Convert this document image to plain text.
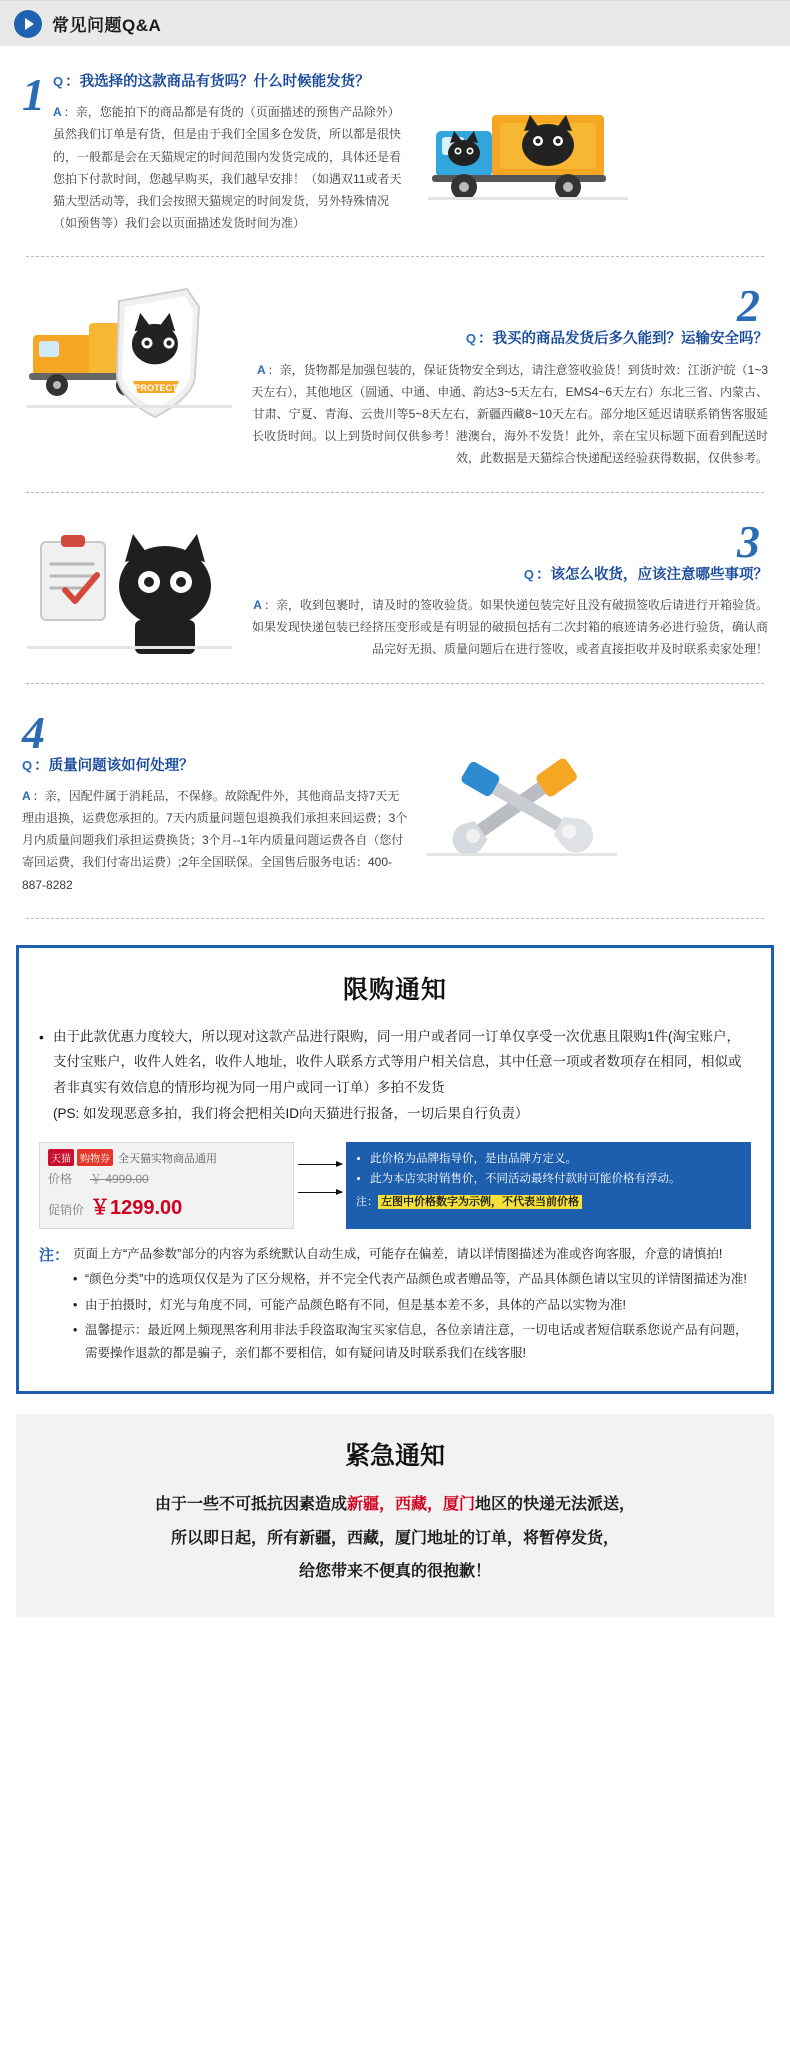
常见问题Q&A
1 Q ：我选择的这款商品有货吗？什么时候能发货？
A ：亲，您能拍下的商品都是有货的（页面描述的预售产品除外）虽然我们订单是有货，但是由于我们全国多仓发货，所以都是很快的，一般都是会在天猫规定的时间范围内发货完成的，具体还是看您拍下付款时间，您越早购买，我们越早安排！（如遇双11或者天猫大型活动等，我们会按照天猫规定的时间发货，另外特殊情况（如预售等）我们会以页面描述发货时间为准）
PROTECT
2
Q ：我买的商品发货后多久能到？运输安全吗？
A ：亲，货物都是加强包装的，保证货物安全到达，请注意签收验货！到货时效：江浙沪皖（1~3天左右），其他地区（圆通、中通、申通、韵达3~5天左右，EMS4~6天左右）东北三省、内蒙古、甘肃、宁夏、青海、云贵川等5~8天左右，新疆西藏8~10天左右。部分地区延迟请联系销售客服延长收货时间。以上到货时间仅供参考！港澳台，海外不发货！此外，亲在宝贝标题下面看到配送时效，此数据是天猫综合快递配送经验获得数据，仅供参考。
3
Q ：该怎么收货，应该注意哪些事项？
A ：亲，收到包裹时，请及时的签收验货。如果快递包装完好且没有破损签收后请进行开箱验货。如果发现快递包装已经挤压变形或是有明显的破损包括有二次封箱的痕迹请务必进行验货，确认商品完好无损、质量问题后在进行签收，或者直接拒收并及时联系卖家处理！
4
Q ：质量问题该如何处理？
A ：亲，因配件属于消耗品，不保修。故除配件外，其他商品支持7天无理由退换，运费您承担的。7天内质量问题包退换我们承担来回运费；3个月内质量问题我们承担运费换货；3个月--1年内质量问题运费各自（您付寄回运费，我们付寄出运费）;2年全国联保。全国售后服务电话：400-887-8282
限购通知
• 由于此款优惠力度较大，所以现对这款产品进行限购，同一用户或者同一订单仅享受一次优惠且限购1件(淘宝账户，支付宝账户，收件人姓名，收件人地址，收件人联系方式等用户相关信息，其中任意一项或者数项存在相同，相似或者非真实有效信息的情形均视为同一用户或同一订单）多拍不发货
(PS: 如发现恶意多拍，我们将会把相关ID向天猫进行报备，一切后果自行负责）
天猫 购物券 全天猫实物商品通用
价格	￥ 4999.00
促销价 ￥1299.00
• 此价格为品牌指导价，是由品牌方定义。
• 此为本店实时销售价，不同活动最终付款时可能价格有浮动。
注： 左图中价格数字为示例，不代表当前价格
注： 页面上方“产品参数”部分的内容为系统默认自动生成，可能存在偏差，请以详情图描述为准或咨询客服，介意的请慎拍!
• “颜色分类”中的选项仅仅是为了区分规格，并不完全代表产品颜色或者赠品等，产品具体颜色请以宝贝的详情图描述为准!
• 由于拍摄时，灯光与角度不同，可能产品颜色略有不同，但是基本差不多，具体的产品以实物为准!
• 温馨提示：最近网上频现黑客利用非法手段盗取淘宝买家信息，各位亲请注意，一切电话或者短信联系您说产品有问题，需要操作退款的都是骗子，亲们都不要相信，如有疑问请及时联系我们在线客服!
紧急通知
由于一些不可抵抗因素造成新疆，西藏，厦门地区的快递无法派送，
所以即日起，所有新疆，西藏，厦门地址的订单，将暂停发货，
给您带来不便真的很抱歉！
